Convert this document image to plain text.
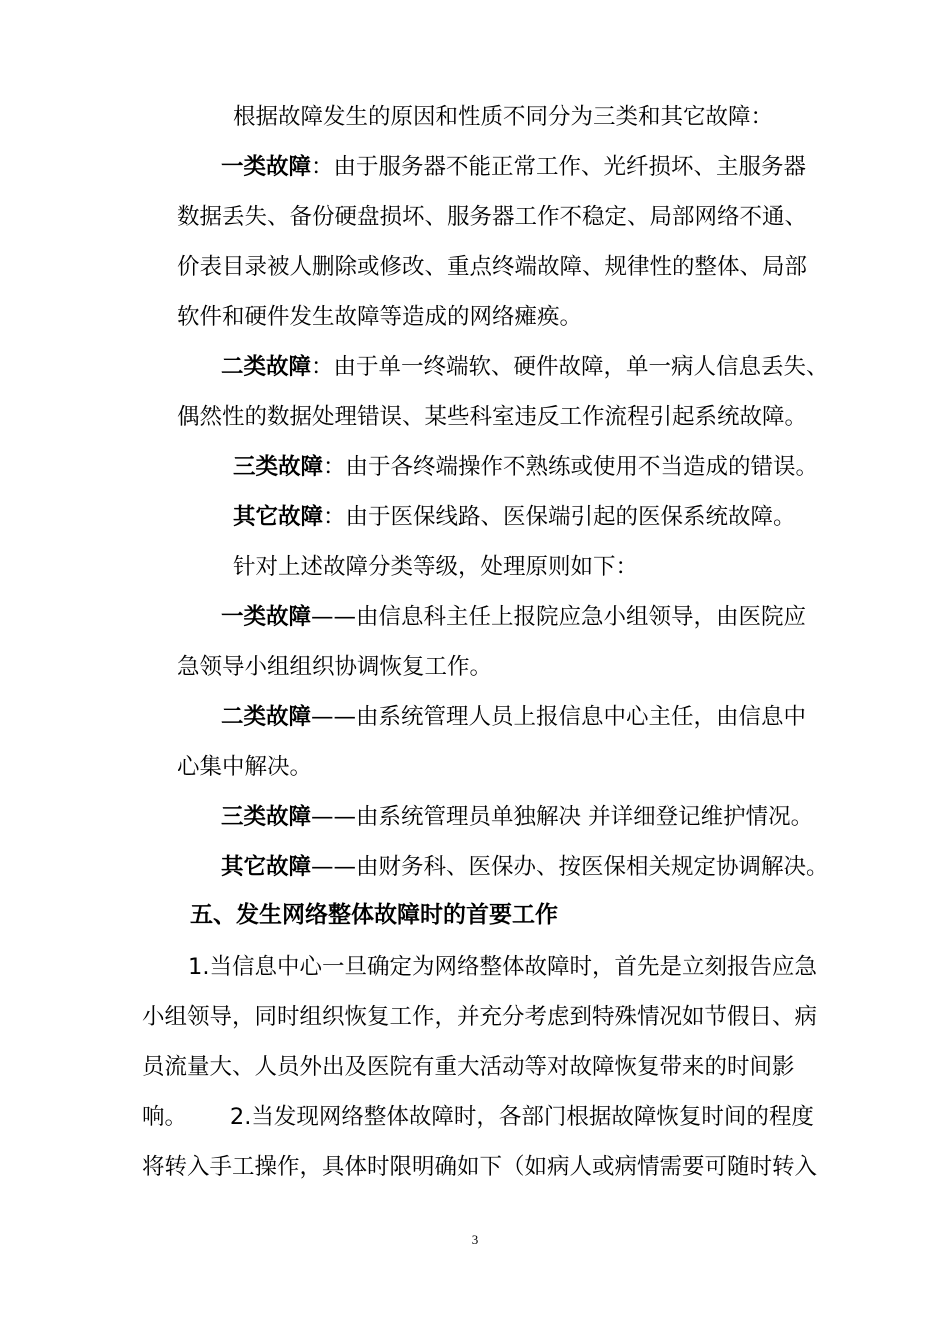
根据故障发生的原因和性质不同分为三类和其它故障：
一类故障：由于服务器不能正常工作、光纤损坏、主服务器
数据丢失、备份硬盘损坏、服务器工作不稳定、局部网络不通、
价表目录被人删除或修改、重点终端故障、规律性的整体、局部
软件和硬件发生故障等造成的网络瘫痪。
二类故障：由于单一终端软、硬件故障，单一病人信息丢失、
偶然性的数据处理错误、某些科室违反工作流程引起系统故障。
三类故障：由于各终端操作不熟练或使用不当造成的错误。
其它故障：由于医保线路、医保端引起的医保系统故障。
针对上述故障分类等级，处理原则如下：
一类故障——由信息科主任上报院应急小组领导，由医院应
急领导小组组织协调恢复工作。
二类故障——由系统管理人员上报信息中心主任，由信息中
心集中解决。
三类故障——由系统管理员单独解决 并详细登记维护情况。
其它故障——由财务科、医保办、按医保相关规定协调解决。
五、发生网络整体故障时的首要工作
1.当信息中心一旦确定为网络整体故障时，首先是立刻报告应急
小组领导，同时组织恢复工作，并充分考虑到特殊情况如节假日、病
员流量大、人员外出及医院有重大活动等对故障恢复带来的时间影
响。      2.当发现网络整体故障时，各部门根据故障恢复时间的程度
将转入手工操作，具体时限明确如下（如病人或病情需要可随时转入
3
